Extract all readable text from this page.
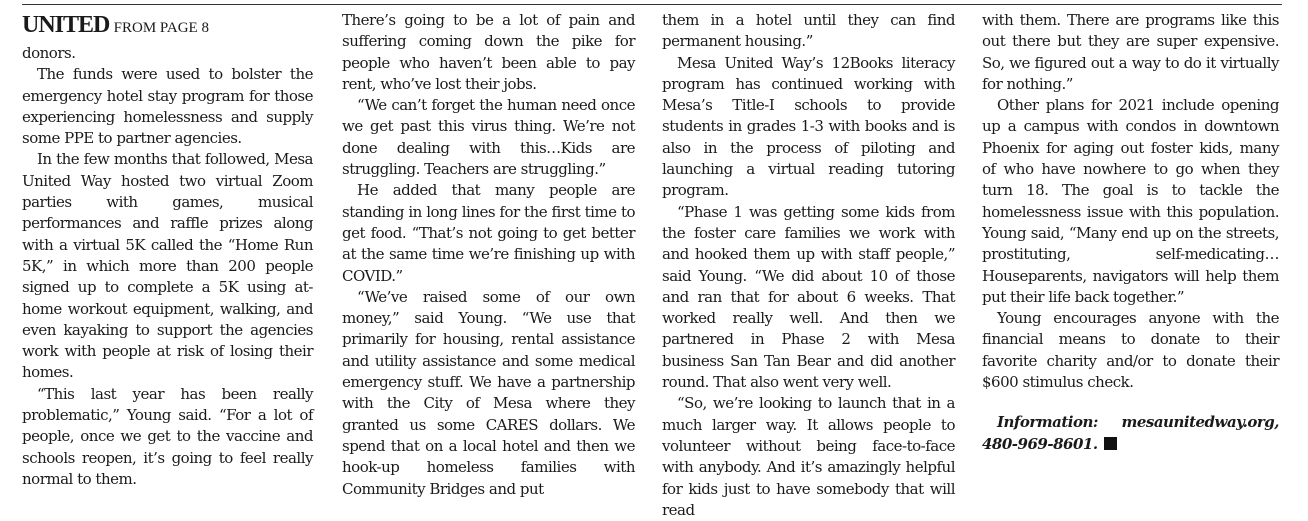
UNITED FROM PAGE 8

donors.

The funds were used to bolster the emergency hotel stay program for those experiencing homelessness and supply some PPE to partner agencies.

In the few months that followed, Mesa United Way hosted two virtual Zoom parties with games, musical performances and raffle prizes along with a virtual 5K called the “Home Run 5K,” in which more than 200 people signed up to complete a 5K using at-home workout equipment, walking, and even kayaking to support the agencies work with people at risk of losing their homes.

“This last year has been really problematic,” Young said. “For a lot of people, once we get to the vaccine and schools reopen, it’s going to feel really normal to them.

There’s going to be a lot of pain and suffering coming down the pike for people who haven’t been able to pay rent, who’ve lost their jobs.

“We can’t forget the human need once we get past this virus thing. We’re not done dealing with this…Kids are struggling. Teachers are struggling.”

He added that many people are standing in long lines for the first time to get food. “That’s not going to get better at the same time we’re finishing up with COVID.”

“We’ve raised some of our own money,” said Young. “We use that primarily for housing, rental assistance and utility assistance and some medical emergency stuff. We have a partnership with the City of Mesa where they granted us some CARES dollars. We spend that on a local hotel and then we hook-up homeless families with Community Bridges and put

them in a hotel until they can find permanent housing.”

Mesa United Way’s 12Books literacy program has continued working with Mesa’s Title-I schools to provide students in grades 1-3 with books and is also in the process of piloting and launching a virtual reading tutoring program.

“Phase 1 was getting some kids from the foster care families we work with and hooked them up with staff people,” said Young. “We did about 10 of those and ran that for about 6 weeks. That worked really well. And then we partnered in Phase 2 with Mesa business San Tan Bear and did another round. That also went very well.

“So, we’re looking to launch that in a much larger way. It allows people to volunteer without being face-to-face with anybody. And it’s amazingly helpful for kids just to have somebody that will read

with them. There are programs like this out there but they are super expensive. So, we figured out a way to do it virtually for nothing.”

Other plans for 2021 include opening up a campus with condos in downtown Phoenix for aging out foster kids, many of who have nowhere to go when they turn 18. The goal is to tackle the homelessness issue with this population. Young said, “Many end up on the streets, prostituting, self-medicating… Houseparents, navigators will help them put their life back together.”

Young encourages anyone with the financial means to donate to their favorite charity and/or to donate their $600 stimulus check.

Information: mesaunitedway.org, 480-969-8601.
